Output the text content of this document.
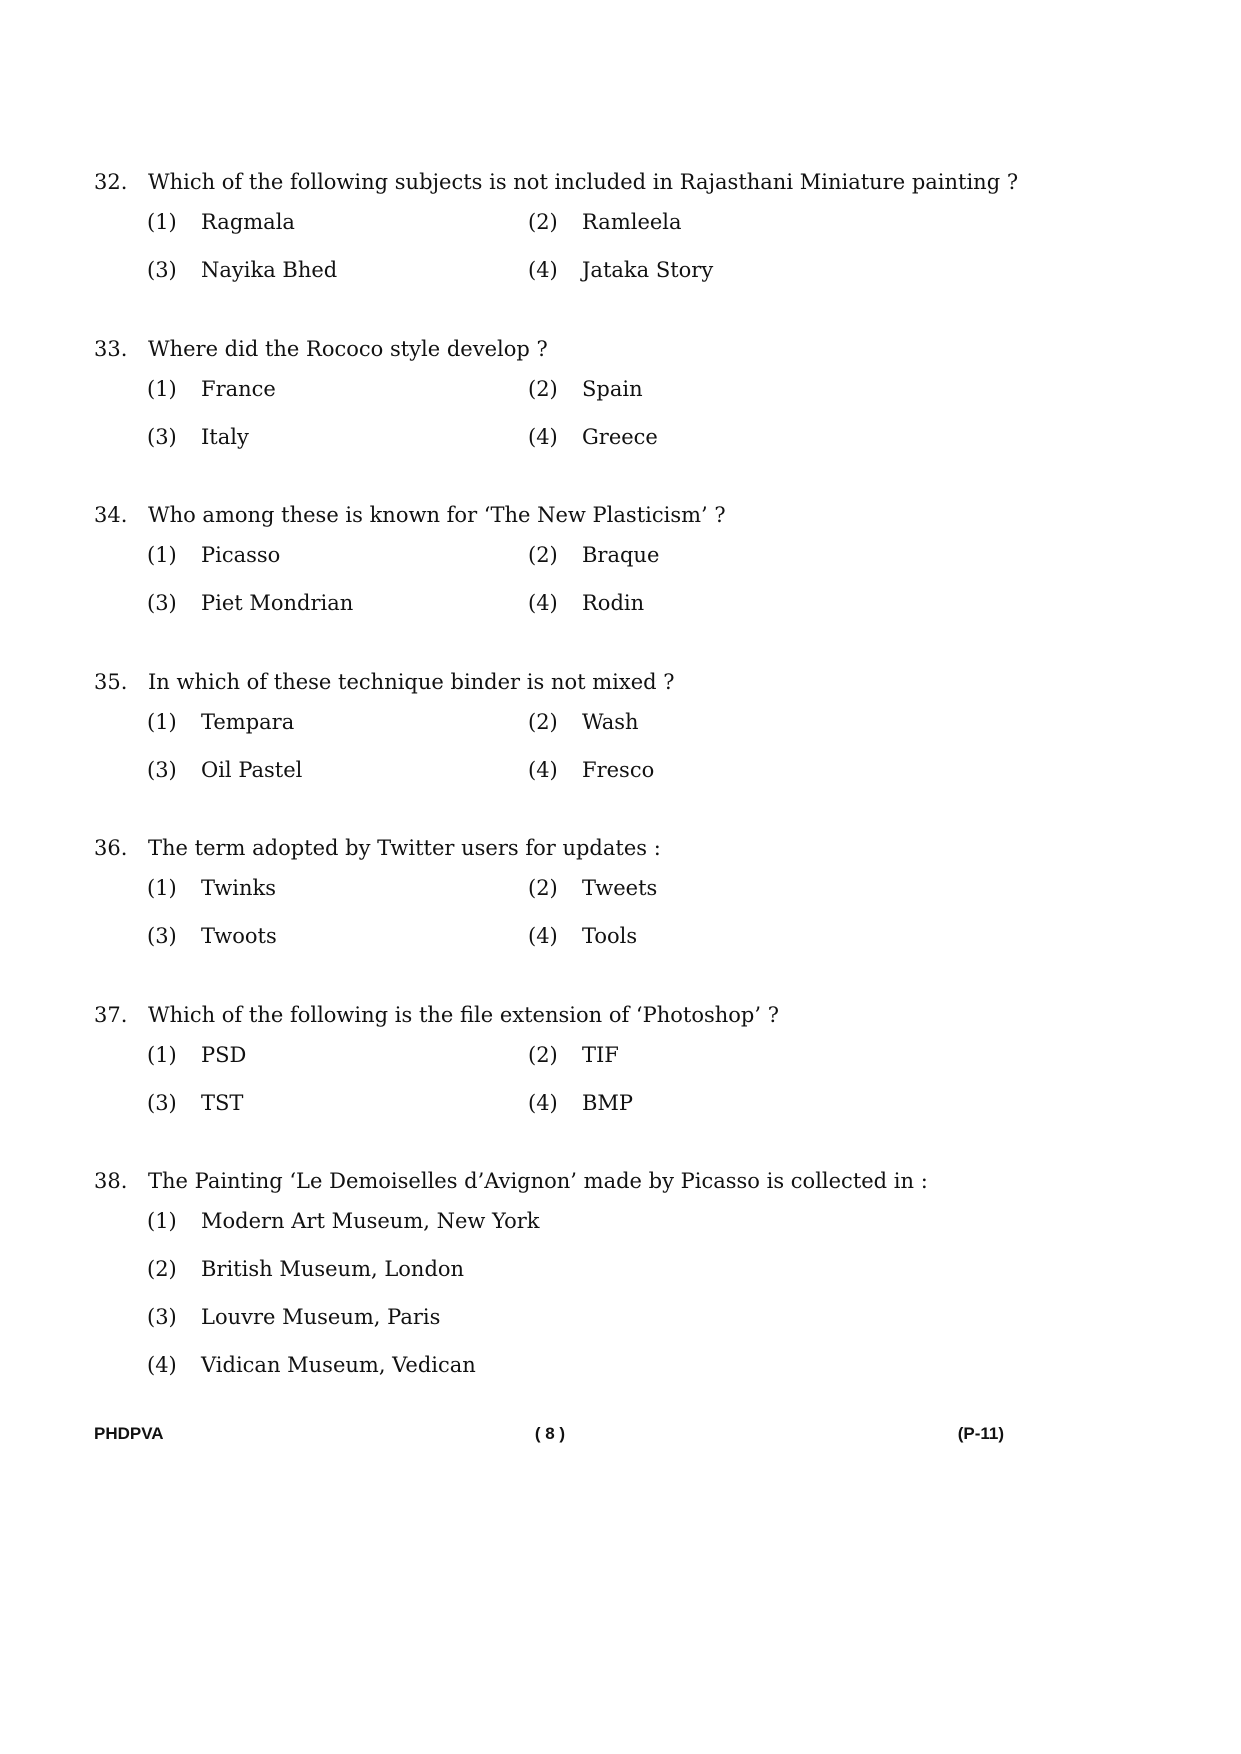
32. Which of the following subjects is not included in Rajasthani Miniature painting ?
(1) Ragmala	(2) Ramleela
(3) Nayika Bhed	(4) Jataka Story
33. Where did the Rococo style develop ?
(1) France	(2) Spain
(3) Italy	(4) Greece
34. Who among these is known for ‘The New Plasticism’ ?
(1) Picasso	(2) Braque
(3) Piet Mondrian	(4) Rodin
35. In which of these technique binder is not mixed ?
(1) Tempara	(2) Wash
(3) Oil Pastel	(4) Fresco
36. The term adopted by Twitter users for updates :
(1) Twinks	(2) Tweets
(3) Twoots	(4) Tools
37. Which of the following is the file extension of ‘Photoshop’ ?
(1) PSD	(2) TIF
(3) TST	(4) BMP
38. The Painting ‘Le Demoiselles d’Avignon’ made by Picasso is collected in :
(1) Modern Art Museum, New York
(2) British Museum, London
(3) Louvre Museum, Paris
(4) Vidican Museum, Vedican
PHDPVA	( 8 )	(P-11)
